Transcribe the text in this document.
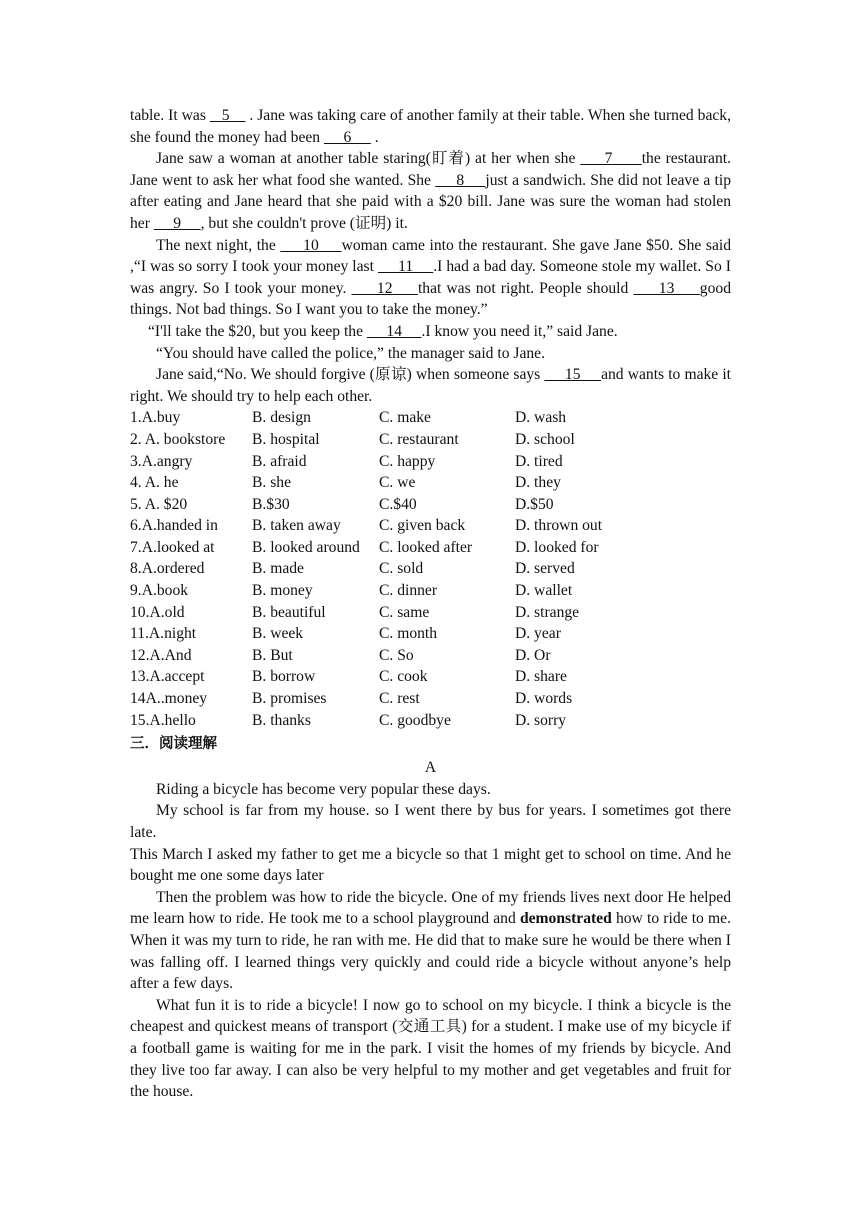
table. It was    5     . Jane was taking care of another family at their table. When she turned back, she found the money had been      6      .

Jane saw a woman at another table staring(盯着) at her when she      7      the restaurant. Jane went to ask her what food she wanted. She      8     just a sandwich. She did not leave a tip after eating and Jane heard that she paid with a $20 bill. Jane was sure the woman had stolen her      9     , but she couldn't prove (证明) it.

The next night, the      10     woman came into the restaurant. She gave Jane $50. She said ,“I was so sorry I took your money last      11     .I had a bad day. Someone stole my wallet. So I was angry. So I took your money.      12     that was not right. People should      13     good things. Not bad things. So I want you to take the money.”

“I'll take the $20, but you keep the      14     .I know you need it,” said Jane.

“You should have called the police,” the manager said to Jane.

Jane said,“No. We should forgive (原谅) when someone says      15     and wants to make it right. We should try to help each other.

1.A.buy	B. design	C. make	D. wash
2. A. bookstore	B. hospital	C. restaurant	D. school
3.A.angry	B. afraid	C. happy	D. tired
4. A. he	B. she	C. we	D. they
5. A. $20	B.$30	C.$40	D.$50
6.A.handed in	B. taken away	C. given back	D. thrown out
7.A.looked at	B. looked around	C. looked after	D. looked for
8.A.ordered	B. made	C. sold	D. served
9.A.book	B. money	C. dinner	D. wallet
10.A.old	B. beautiful	C. same	D. strange
11.A.night	B. week	C. month	D. year
12.A.And	B. But	C. So	D. Or
13.A.accept	B. borrow	C. cook	D. share
14A..money	B. promises	C. rest	D. words
15.A.hello	B. thanks	C. goodbye	D. sorry

三．阅读理解

A

Riding a bicycle has become very popular these days.

My school is far from my house. so I went there by bus for years. I sometimes got there late.

This March I asked my father to get me a bicycle so that 1 might get to school on time. And he bought me one some days later

Then the problem was how to ride the bicycle. One of my friends lives next door He helped me learn how to ride. He took me to a school playground and demonstrated how to ride to me. When it was my turn to ride, he ran with me. He did that to make sure he would be there when I was falling off. I learned things very quickly and could ride a bicycle without anyone’s help after a few days.

What fun it is to ride a bicycle! I now go to school on my bicycle. I think a bicycle is the cheapest and quickest means of transport (交通工具) for a student. I make use of my bicycle if a football game is waiting for me in the park. I visit the homes of my friends by bicycle. And they live too far away. I can also be very helpful to my mother and get vegetables and fruit for the house.
